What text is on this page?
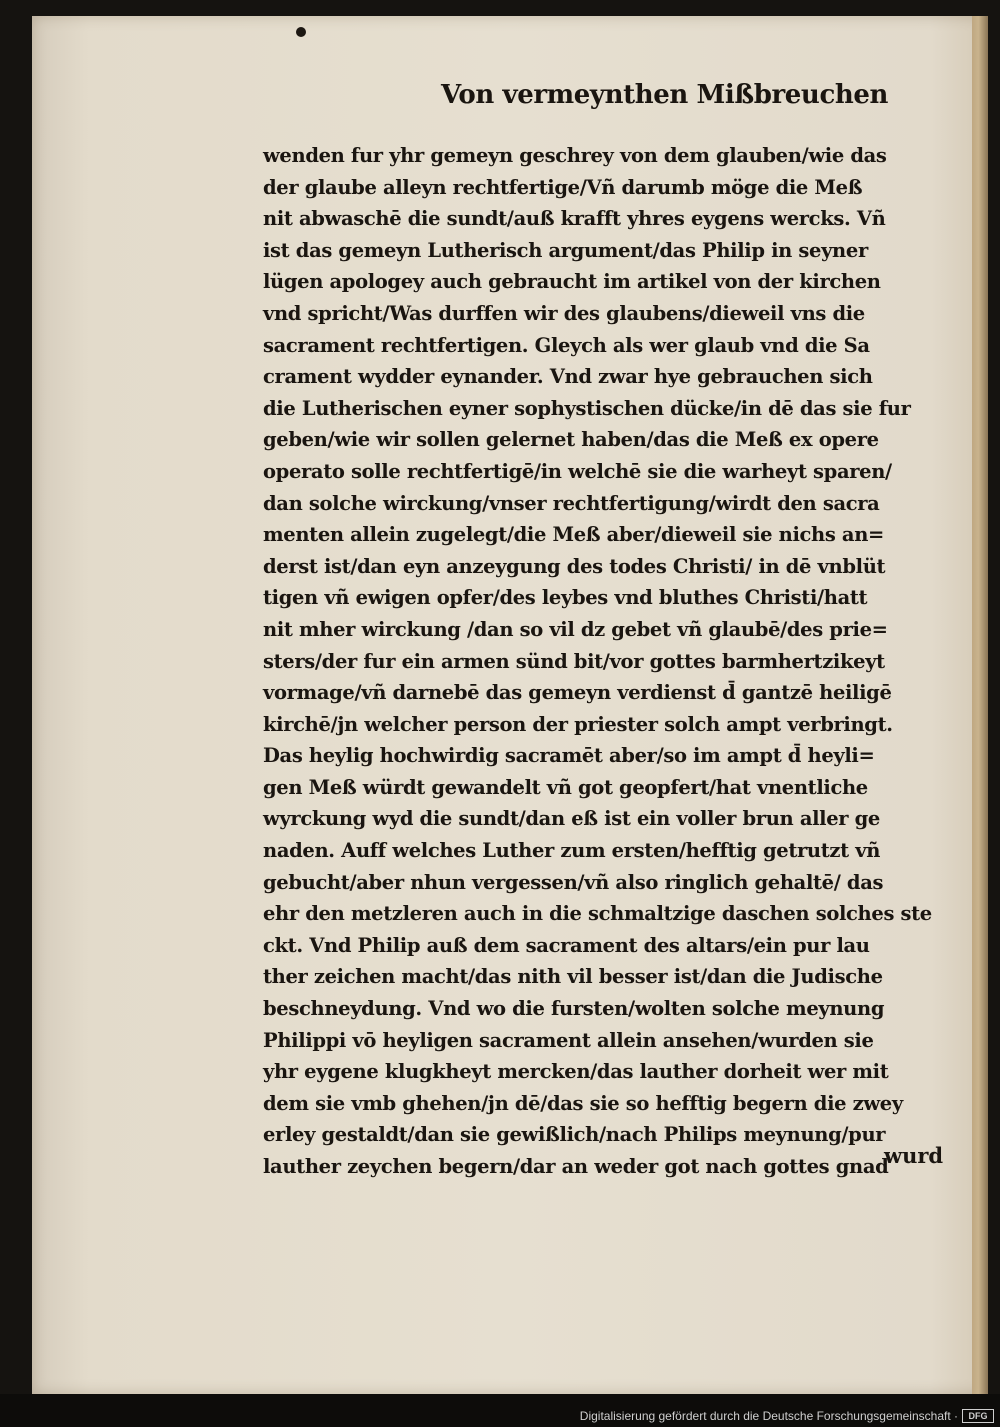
Von vermeynthen Mißbreuchen
wenden fur yhr gemeyn geschrey von dem glauben/wie das
der glaube alleyn rechtfertige/Vñ darumb möge die Meß
nit abwaschē die sundt/auß krafft yhres eygens wercks. Vñ
ist das gemeyn Lutherisch argument/das Philip in seyner
lügen apologey auch gebraucht im artikel von der kirchen
vnd spricht/Was durffen wir des glaubens/dieweil vns die
sacrament rechtfertigen. Gleych als wer glaub vnd die Sa
crament wydder eynander. Vnd zwar hye gebrauchen sich
die Lutherischen eyner sophystischen dücke/in dē das sie fur
geben/wie wir sollen gelernet haben/das die Meß ex opere
operato solle rechtfertigē/in welchē sie die warheyt sparen/
dan solche wirckung/vnser rechtfertigung/wirdt den sacra
menten allein zugelegt/die Meß aber/dieweil sie nichs an=
derst ist/dan eyn anzeygung des todes Christi/ in dē vnblüt
tigen vñ ewigen opfer/des leybes vnd bluthes Christi/hatt
nit mher wirckung /dan so vil dz gebet vñ glaubē/des prie=
sters/der fur ein armen sünd bit/vor gottes barmhertzikeyt
vormage/vñ darnebē das gemeyn verdienst d̄ gantzē heiligē
kirchē/jn welcher person der priester solch ampt verbringt.
Das heylig hochwirdig sacramēt aber/so im ampt d̄ heyli=
gen Meß würdt gewandelt vñ got geopfert/hat vnentliche
wyrckung wyd die sundt/dan eß ist ein voller brun aller ge
naden. Auff welches Luther zum ersten/hefftig getrutzt vñ
gebucht/aber nhun vergessen/vñ also ringlich gehaltē/ das
ehr den metzleren auch in die schmaltzige daschen solches ste
ckt. Vnd Philip auß dem sacrament des altars/ein pur lau
ther zeichen macht/das nith vil besser ist/dan die Judische
beschneydung. Vnd wo die fursten/wolten solche meynung
Philippi vō heyligen sacrament allein ansehen/wurden sie
yhr eygene klugkheyt mercken/das lauther dorheit wer mit
dem sie vmb ghehen/jn dē/das sie so hefftig begern die zwey
erley gestaldt/dan sie gewißlich/nach Philips meynung/pur
lauther zeychen begern/dar an weder got nach gottes gnad
wurd
Digitalisierung gefördert durch die Deutsche Forschungsgemeinschaft ·	DFG
